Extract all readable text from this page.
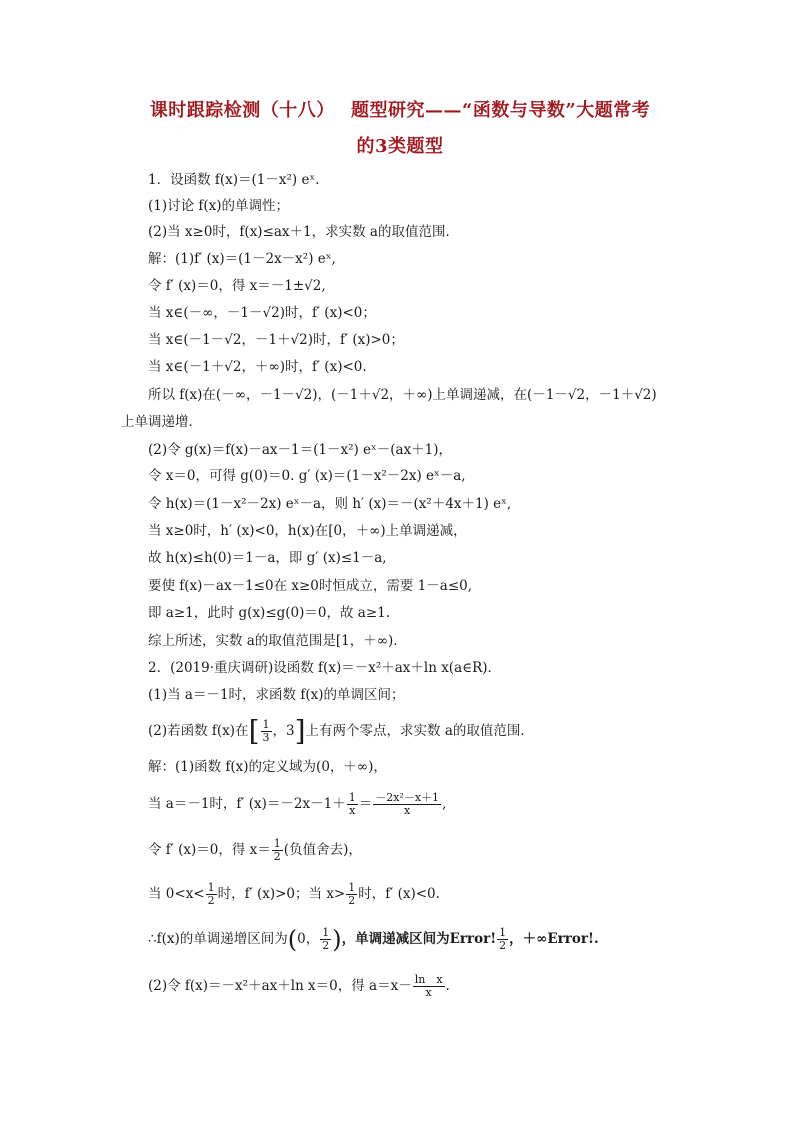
课时跟踪检测（十八）　 题型研究——“函数与导数”大题常考
的3类题型
1．设函数 f(x)＝(1－x²) eˣ.
(1)讨论 f(x)的单调性；
(2)当 x≥0时，f(x)≤ax＋1，求实数 a的取值范围．
解：(1)f′ (x)＝(1－2x－x²) eˣ,
令 f′ (x)＝0，得 x＝－1±√2,
当 x∈(－∞，－1－√2)时，f′ (x)<0；
当 x∈(－1－√2，－1＋√2)时，f′ (x)>0；
当 x∈(－1＋√2，＋∞)时，f′ (x)<0.
所以 f(x)在(－∞，－1－√2)，(－1＋√2，＋∞)上单调递减，在(－1－√2，－1＋√2)
上单调递增．
(2)令 g(x)＝f(x)－ax－1＝(1－x²) eˣ－(ax＋1)，
令 x＝0，可得 g(0)＝0. g′ (x)＝(1－x²－2x) eˣ－a,
令 h(x)＝(1－x²－2x) eˣ－a，则 h′ (x)＝－(x²＋4x＋1) eˣ,
当 x≥0时，h′ (x)<0，h(x)在[0，＋∞)上单调递减，
故 h(x)≤h(0)＝1－a，即 g′ (x)≤1－a,
要使 f(x)－ax－1≤0在 x≥0时恒成立，需要 1－a≤0,
即 a≥1，此时 g(x)≤g(0)＝0，故 a≥1.
综上所述，实数 a的取值范围是[1，＋∞)．
2．(2019·重庆调研)设函数 f(x)＝－x²＋ax＋ln x(a∈R)．
(1)当 a＝－1时，求函数 f(x)的单调区间；
(2)若函数 f(x)在[ $\frac{1}{3}$ ，3]上有两个零点，求实数 a的取值范围．
解：(1)函数 f(x)的定义域为(0，＋∞)，
当 a＝－1时，f′ $(x)=-2x-1+ \frac{1}{x} = \frac{\text{－2x²－x＋1}}{x}$ ,
令 f′ (x)＝0，得 $x= \frac{1}{2}$ (负值舍去)，
当 $0<x< \frac{1}{2}$ 时，f′ (x)>0；当 $x> \frac{1}{2}$ 时，f′ (x)<0.
∴f(x)的单调递增区间为(0， $\frac{1}{2}$ )，单调递减区间为Error! $\frac{1}{2}$ ，＋∞Error!.
(2)令 f(x)＝－x²＋ax＋ln x＝0，得 $a=x- \frac{\text{ln　x}}{x}$ .
